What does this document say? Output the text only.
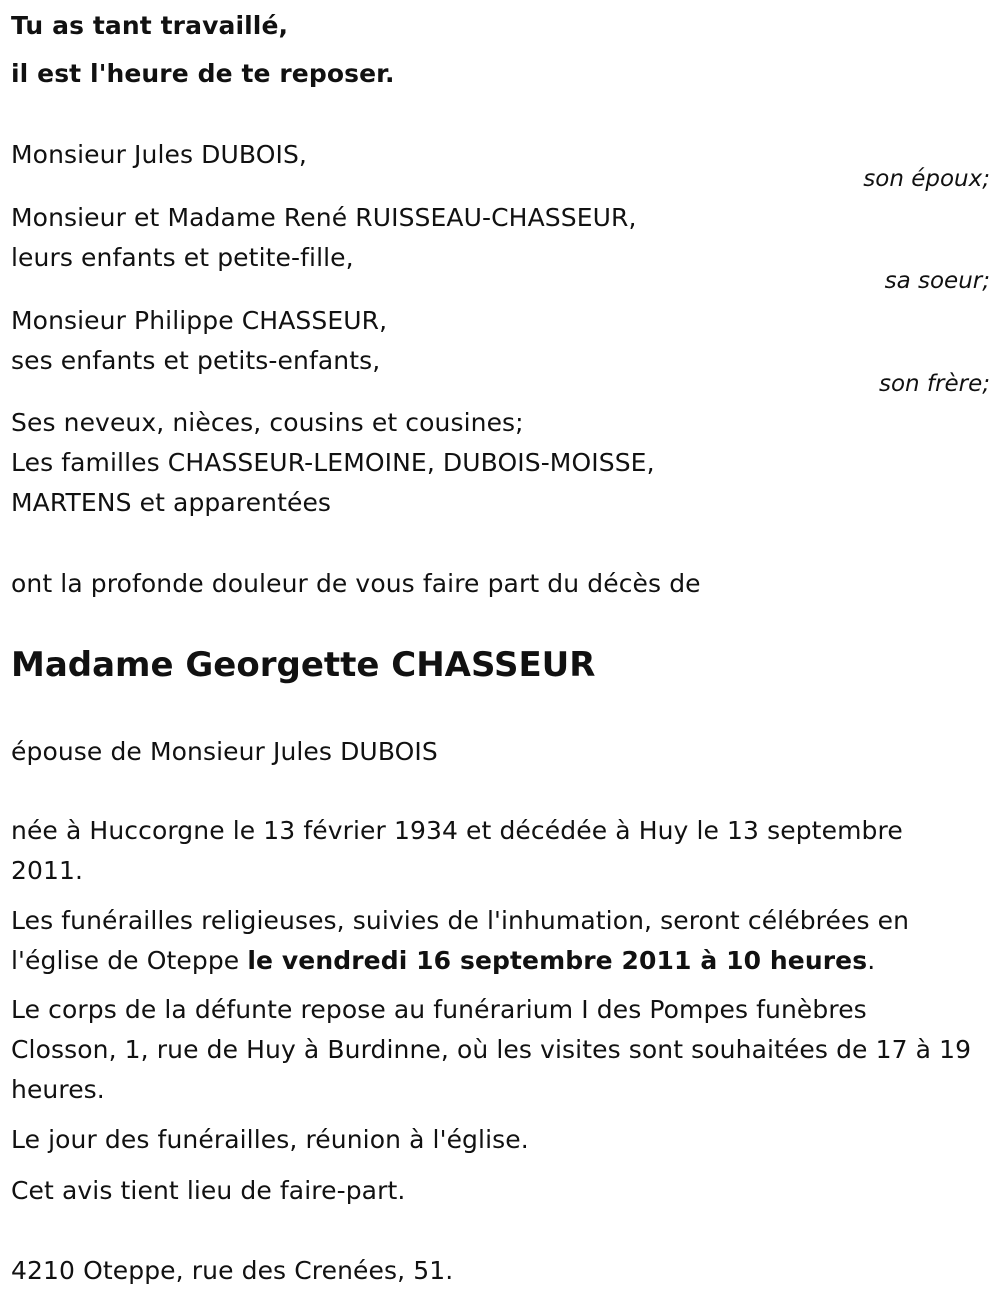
Tu as tant travaillé,
il est l'heure de te reposer.
Monsieur Jules DUBOIS,
son époux;
Monsieur et Madame René RUISSEAU-CHASSEUR,
leurs enfants et petite-fille,
sa soeur;
Monsieur Philippe CHASSEUR,
ses enfants et petits-enfants,
son frère;
Ses neveux, nièces, cousins et cousines;
Les familles CHASSEUR-LEMOINE, DUBOIS-MOISSE,
MARTENS et apparentées
ont la profonde douleur de vous faire part du décès de
Madame Georgette CHASSEUR
épouse de Monsieur Jules DUBOIS
née à Huccorgne le 13 février 1934 et décédée à Huy le 13 septembre
2011.
Les funérailles religieuses, suivies de l'inhumation, seront célébrées en
l'église de Oteppe le vendredi 16 septembre 2011 à 10 heures.
Le corps de la défunte repose au funérarium I des Pompes funèbres
Closson, 1, rue de Huy à Burdinne, où les visites sont souhaitées de 17 à 19
heures.
Le jour des funérailles, réunion à l'église.
Cet avis tient lieu de faire-part.
4210 Oteppe, rue des Crenées, 51.
